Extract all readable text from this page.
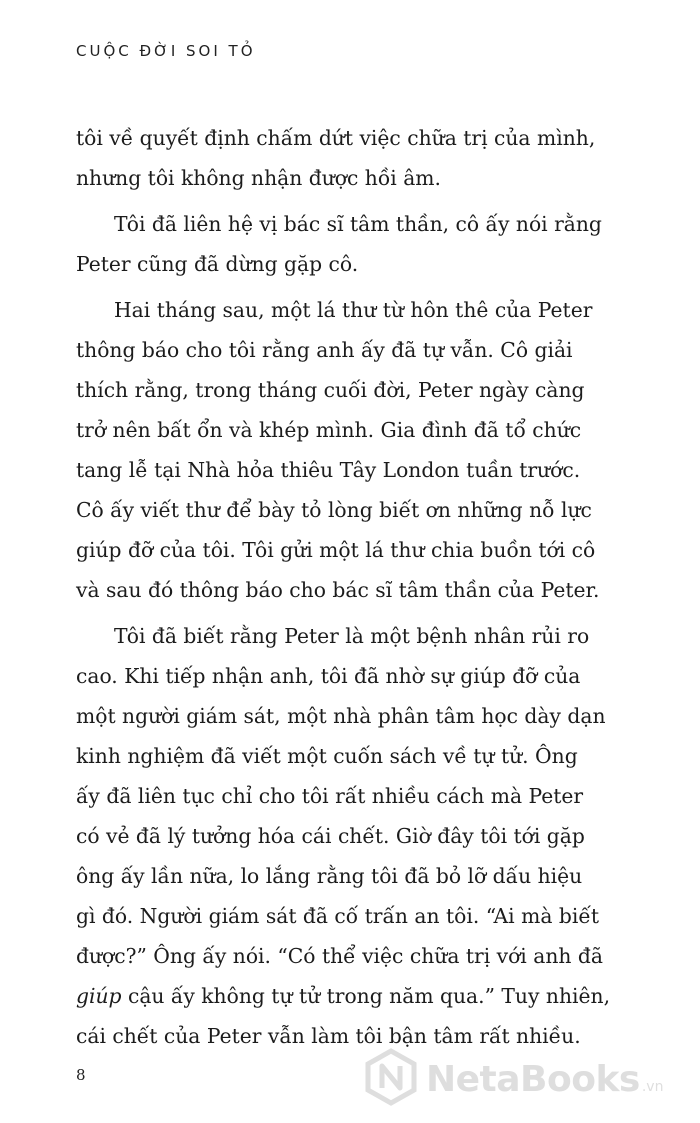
CUỘC ĐỜI SOI TỎ

tôi về quyết định chấm dứt việc chữa trị của mình,

nhưng tôi không nhận được hồi âm.

Tôi đã liên hệ vị bác sĩ tâm thần, cô ấy nói rằng

Peter cũng đã dừng gặp cô.

Hai tháng sau, một lá thư từ hôn thê của Peter

thông báo cho tôi rằng anh ấy đã tự vẫn. Cô giải

thích rằng, trong tháng cuối đời, Peter ngày càng

trở nên bất ổn và khép mình. Gia đình đã tổ chức

tang lễ tại Nhà hỏa thiêu Tây London tuần trước.

Cô ấy viết thư để bày tỏ lòng biết ơn những nỗ lực

giúp đỡ của tôi. Tôi gửi một lá thư chia buồn tới cô

và sau đó thông báo cho bác sĩ tâm thần của Peter.

Tôi đã biết rằng Peter là một bệnh nhân rủi ro

cao. Khi tiếp nhận anh, tôi đã nhờ sự giúp đỡ của

một người giám sát, một nhà phân tâm học dày dạn

kinh nghiệm đã viết một cuốn sách về tự tử. Ông

ấy đã liên tục chỉ cho tôi rất nhiều cách mà Peter

có vẻ đã lý tưởng hóa cái chết. Giờ đây tôi tới gặp

ông ấy lần nữa, lo lắng rằng tôi đã bỏ lỡ dấu hiệu

gì đó. Người giám sát đã cố trấn an tôi. “Ai mà biết

được?” Ông ấy nói. “Có thể việc chữa trị với anh đã

giúp cậu ấy không tự tử trong năm qua.” Tuy nhiên,

cái chết của Peter vẫn làm tôi bận tâm rất nhiều.

8	NetaBooks .vn
